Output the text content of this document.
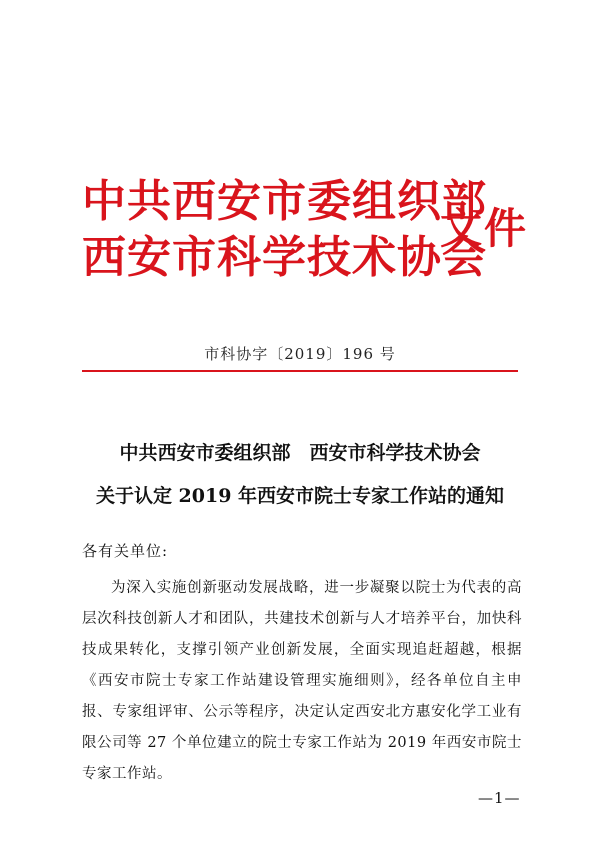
中共西安市委组织部
西安市科学技术协会
文件
市科协字〔2019〕196 号
中共西安市委组织部　西安市科学技术协会
关于认定 2019 年西安市院士专家工作站的通知
各有关单位:
为深入实施创新驱动发展战略，进一步凝聚以院士为代表的高层次科技创新人才和团队，共建技术创新与人才培养平台，加快科技成果转化，支撑引领产业创新发展，全面实现追赶超越，根据《西安市院士专家工作站建设管理实施细则》，经各单位自主申报、专家组评审、公示等程序，决定认定西安北方惠安化学工业有限公司等 27 个单位建立的院士专家工作站为 2019 年西安市院士专家工作站。
—1—
